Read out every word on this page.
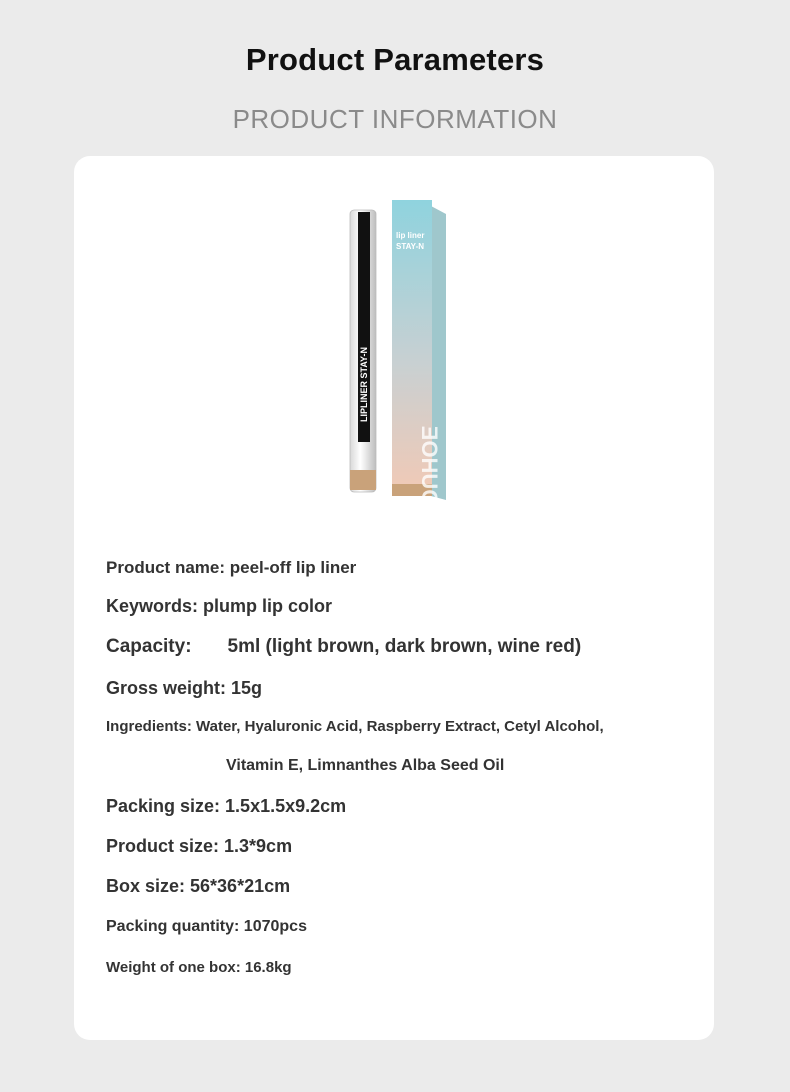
Product Parameters
PRODUCT INFORMATION
lip liner
STAY-N
OUHOE
LIPLINER STAY-N
Product name: peel-off lip liner
Keywords: plump lip color
Capacity: 5ml (light brown, dark brown, wine red)
Gross weight: 15g
Ingredients: Water, Hyaluronic Acid, Raspberry Extract, Cetyl Alcohol,
Vitamin E, Limnanthes Alba Seed Oil
Packing size: 1.5x1.5x9.2cm
Product size: 1.3*9cm
Box size: 56*36*21cm
Packing quantity: 1070pcs
Weight of one box: 16.8kg
